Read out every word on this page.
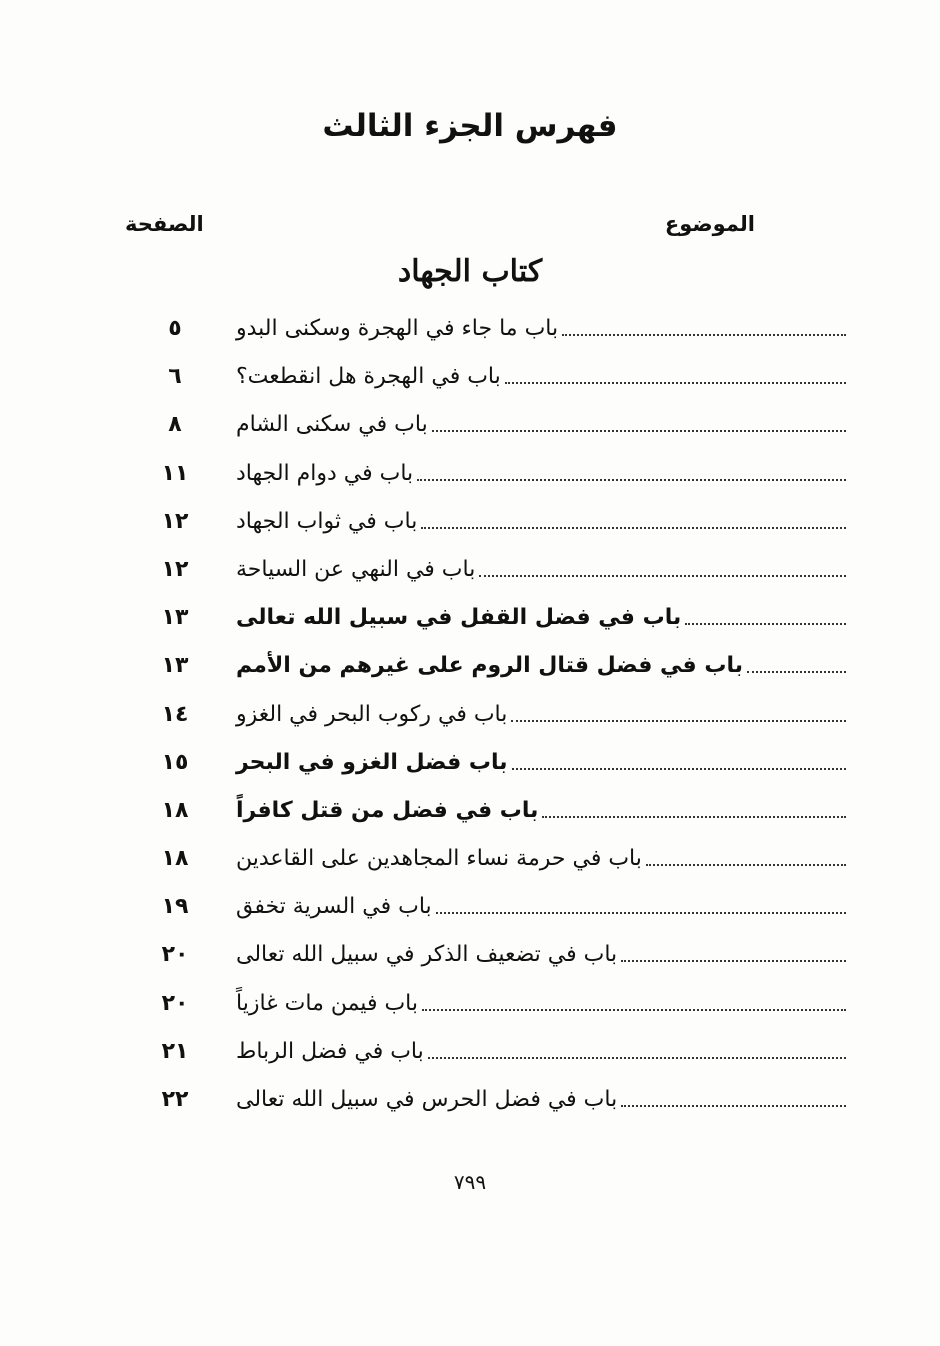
فهرس الجزء الثالث
الموضوع
الصفحة
كتاب الجهاد
باب ما جاء في الهجرة وسكنى البدو
٥
باب في الهجرة هل انقطعت؟
٦
باب في سكنى الشام
٨
باب في دوام الجهاد
١١
باب في ثواب الجهاد
١٢
باب في النهي عن السياحة
١٢
باب في فضل القفل في سبيل الله تعالى
١٣
باب في فضل قتال الروم على غيرهم من الأمم
١٣
باب في ركوب البحر في الغزو
١٤
باب فضل الغزو في البحر
١٥
باب في فضل من قتل كافراً
١٨
باب في حرمة نساء المجاهدين على القاعدين
١٨
باب في السرية تخفق
١٩
باب في تضعيف الذكر في سبيل الله تعالى
٢٠
باب فيمن مات غازياً
٢٠
باب في فضل الرباط
٢١
باب في فضل الحرس في سبيل الله تعالى
٢٢
٧٩٩
